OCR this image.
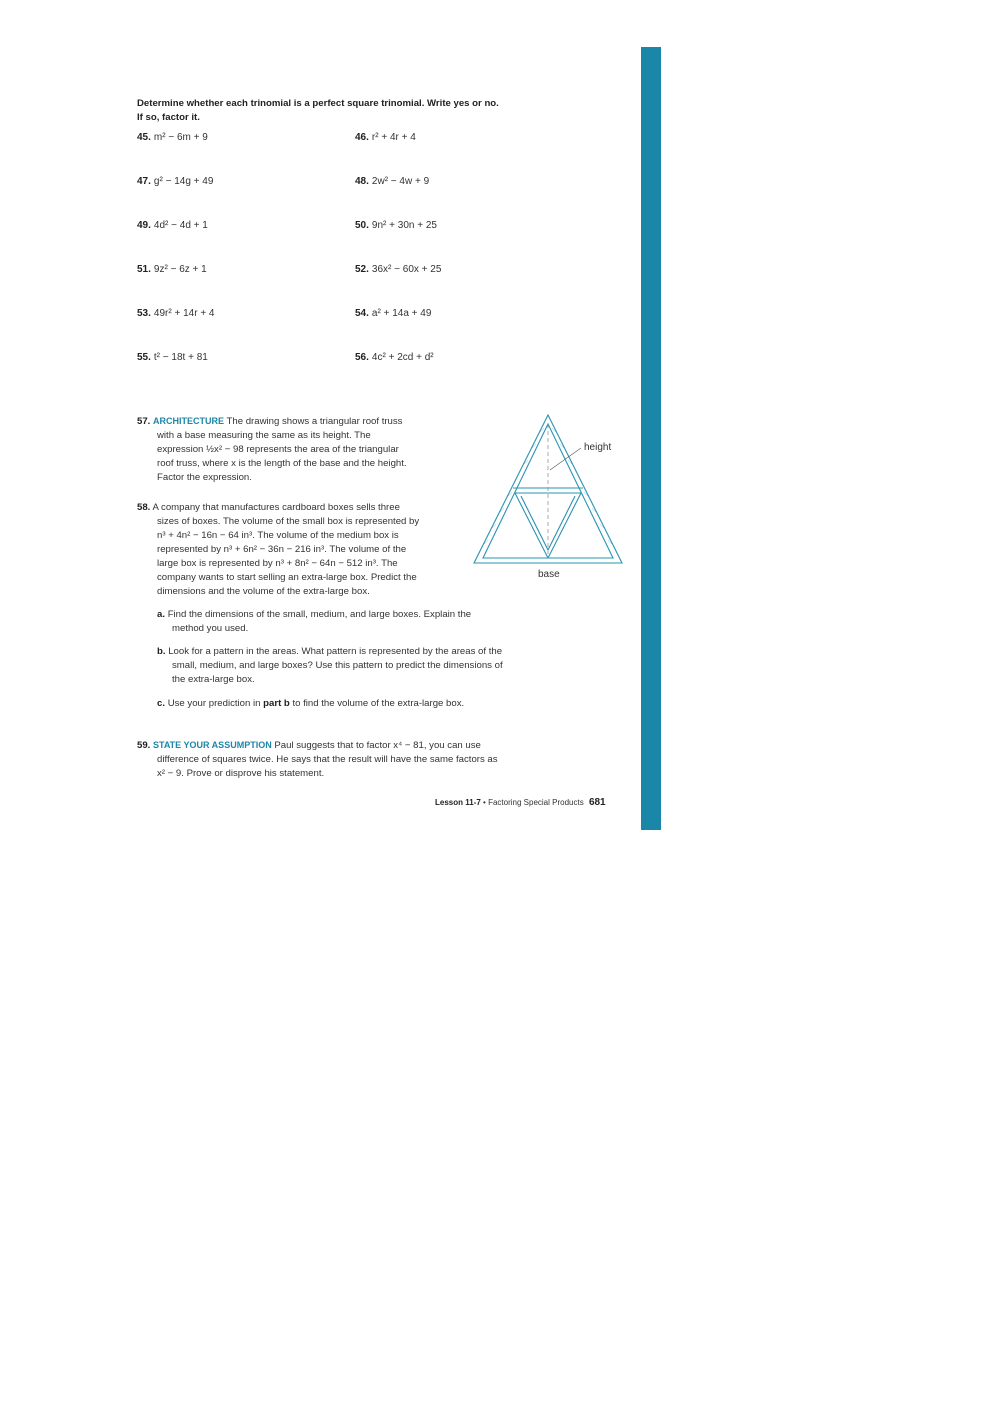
Determine whether each trinomial is a perfect square trinomial. Write yes or no.
If so, factor it.
45. m² − 6m + 9	46. r² + 4r + 4
47. g² − 14g + 49	48. 2w² − 4w + 9
49. 4d² − 4d + 1	50. 9n² + 30n + 25
51. 9z² − 6z + 1	52. 36x² − 60x + 25
53. 49r² + 14r + 4	54. a² + 14a + 49
55. t² − 18t + 81	56. 4c² + 2cd + d²
57. ARCHITECTURE The drawing shows a triangular roof truss
with a base measuring the same as its height. The
expression ½x² − 98 represents the area of the triangular
roof truss, where x is the length of the base and the height.
Factor the expression.
58. A company that manufactures cardboard boxes sells three
sizes of boxes. The volume of the small box is represented by
n³ + 4n² − 16n − 64 in³. The volume of the medium box is
represented by n³ + 6n² − 36n − 216 in³. The volume of the
large box is represented by n³ + 8n² − 64n − 512 in³. The
company wants to start selling an extra-large box. Predict the
dimensions and the volume of the extra-large box.
a. Find the dimensions of the small, medium, and large boxes. Explain the
method you used.
b. Look for a pattern in the areas. What pattern is represented by the areas of the
small, medium, and large boxes? Use this pattern to predict the dimensions of
the extra-large box.
c. Use your prediction in part b to find the volume of the extra-large box.
59. STATE YOUR ASSUMPTION Paul suggests that to factor x⁴ − 81, you can use
difference of squares twice. He says that the result will have the same factors as
x² − 9. Prove or disprove his statement.
height
base
Lesson 11-7 • Factoring Special Products 681
